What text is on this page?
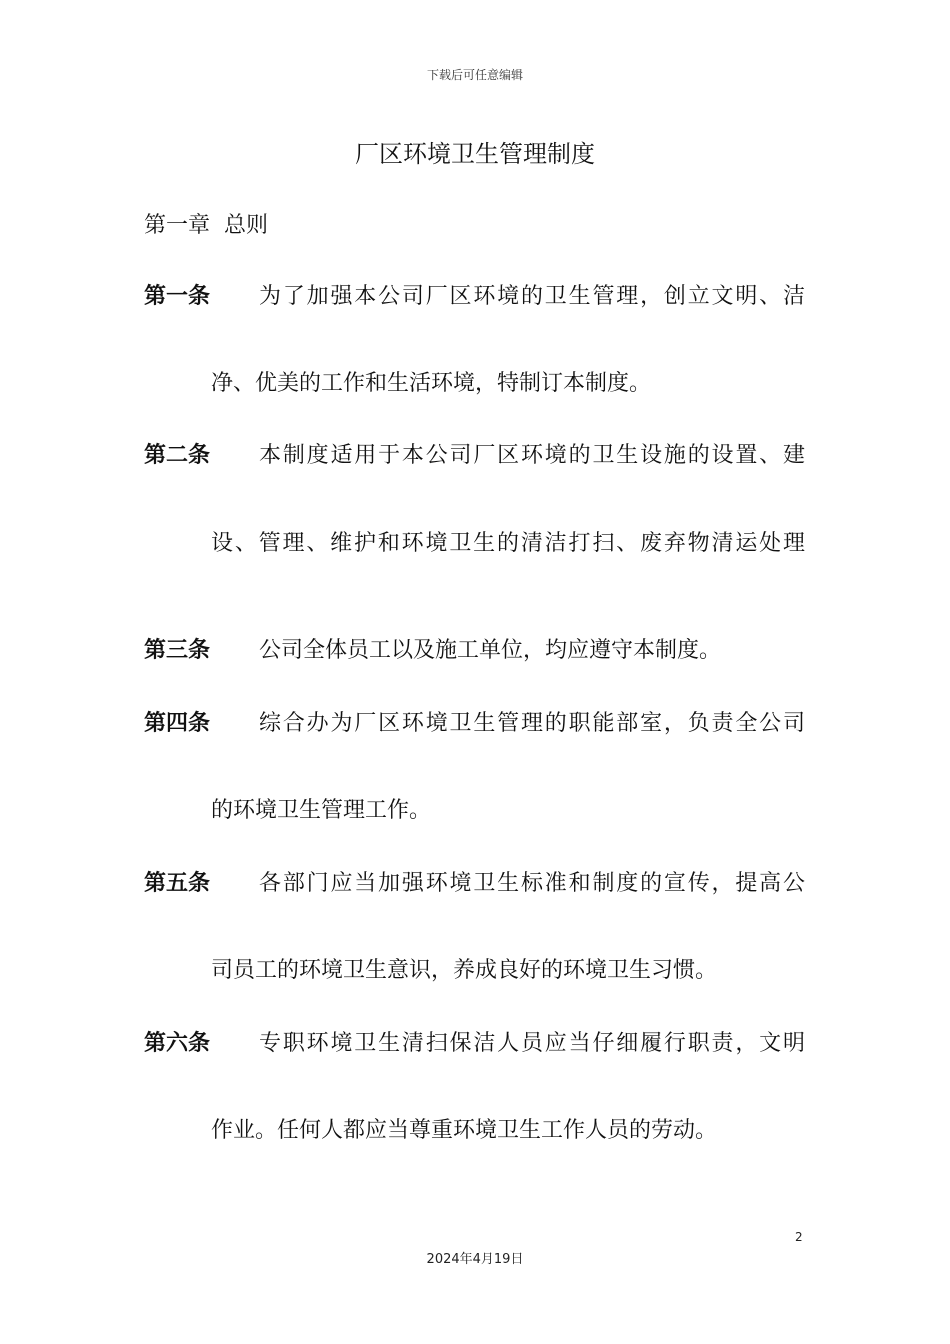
下载后可任意编辑
厂区环境卫生管理制度
第一章  总则
第一条 为了加强本公司厂区环境的卫生管理，创立文明、洁
净、优美的工作和生活环境，特制订本制度。
第二条 本制度适用于本公司厂区环境的卫生设施的设置、建
设、管理、维护和环境卫生的清洁打扫、废弃物清运处理
第三条 公司全体员工以及施工单位，均应遵守本制度。
第四条 综合办为厂区环境卫生管理的职能部室，负责全公司
的环境卫生管理工作。
第五条 各部门应当加强环境卫生标准和制度的宣传，提高公
司员工的环境卫生意识，养成良好的环境卫生习惯。
第六条 专职环境卫生清扫保洁人员应当仔细履行职责，文明
作业。任何人都应当尊重环境卫生工作人员的劳动。
2
2024年4月19日
